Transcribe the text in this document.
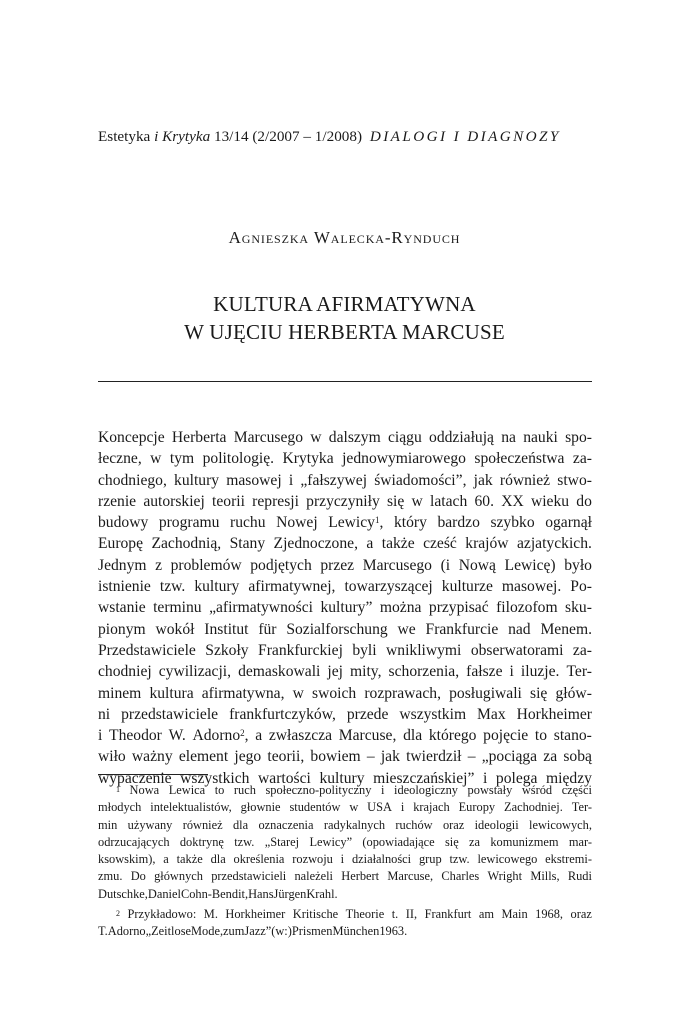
Estetyka i Krytyka 13/14 (2/2007 – 1/2008) DIALOGI I DIAGNOZY
Agnieszka Walecka-Rynduch
KULTURA AFIRMATYWNA
W UJĘCIU HERBERTA MARCUSE
Koncepcje Herberta Marcusego w dalszym ciągu oddziałują na nauki spo-
łeczne, w tym politologię. Krytyka jednowymiarowego społeczeństwa za-
chodniego, kultury masowej i „fałszywej świadomości”, jak również stwo-
rzenie autorskiej teorii represji przyczyniły się w latach 60. XX wieku do
budowy programu ruchu Nowej Lewicy$^1$, który bardzo szybko ogarnął
Europę Zachodnią, Stany Zjednoczone, a także cześć krajów azjatyckich.
Jednym z problemów podjętych przez Marcusego (i Nową Lewicę) było
istnienie tzw. kultury afirmatywnej, towarzyszącej kulturze masowej. Po-
wstanie terminu „afirmatywności kultury” można przypisać filozofom sku-
pionym wokół Institut für Sozialforschung we Frankfurcie nad Menem.
Przedstawiciele Szkoły Frankfurckiej byli wnikliwymi obserwatorami za-
chodniej cywilizacji, demaskowali jej mity, schorzenia, fałsze i iluzje. Ter-
minem kultura afirmatywna, w swoich rozprawach, posługiwali się głów-
ni przedstawiciele frankfurtczyków, przede wszystkim Max Horkheimer
i Theodor W. Adorno$^2$, a zwłaszcza Marcuse, dla którego pojęcie to stano-
wiło ważny element jego teorii, bowiem – jak twierdził – „pociąga za sobą
wypaczenie wszystkich wartości kultury mieszczańskiej” i polega między
$^1$ Nowa Lewica to ruch społeczno-polityczny i ideologiczny powstały wśród części
młodych intelektualistów, głownie studentów w USA i krajach Europy Zachodniej. Ter-
min używany również dla oznaczenia radykalnych ruchów oraz ideologii lewicowych,
odrzucających doktrynę tzw. „Starej Lewicy” (opowiadające się za komunizmem mar-
ksowskim), a także dla określenia rozwoju i działalności grup tzw. lewicowego ekstremi-
zmu. Do głównych przedstawicieli należeli Herbert Marcuse, Charles Wright Mills, Rudi
Dutschke, Daniel Cohn-Bendit, Hans Jürgen Krahl.
$^2$ Przykładowo: M. Horkheimer Kritische Theorie t. II, Frankfurt am Main 1968, oraz
T. Adorno „Zeitlose Mode, zum Jazz” (w:) Prismen München 1963.
